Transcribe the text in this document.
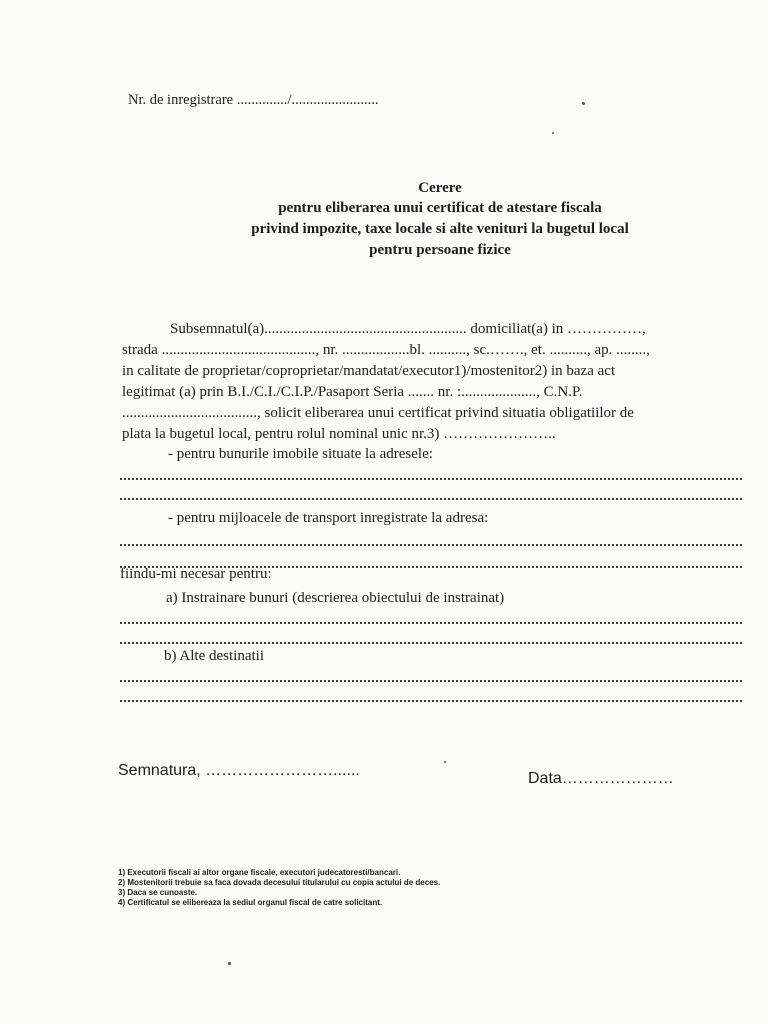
Nr. de inregistrare ............../........................
Cerere
pentru eliberarea unui certificat de atestare fiscala
privind impozite, taxe locale si alte venituri la bugetul local
pentru persoane fizice
Subsemnatul(a)...................................................... domiciliat(a) in ……………,
strada ........................................., nr. ..................bl. .........., sc.……., et. .........., ap. ........,
in calitate de proprietar/coproprietar/mandatat/executor1)/mostenitor2) in baza act
legitimat (a) prin B.I./C.I./C.I.P./Pasaport Seria ....... nr. :...................., C.N.P.
...................................., solicit eliberarea unui certificat privind situatia obligatiilor de
plata la bugetul local, pentru rolul nominal unic nr.3) …………………..
- pentru bunurile imobile situate la adresele:
- pentru mijloacele de transport inregistrate la adresa:
fiindu-mi necesar pentru:
a) Instrainare bunuri (descrierea obiectului de instrainat)
b) Alte destinatii
Semnatura, ……………………......	Data…………………
1) Executorii fiscali ai altor organe fiscale, executori judecatoresti/bancari.
2) Mostenitorii trebuie sa faca dovada decesului titularului cu copia actului de deces.
3) Daca se cunoaste.
4) Certificatul se elibereaza la sediul organul fiscal de catre solicitant.
